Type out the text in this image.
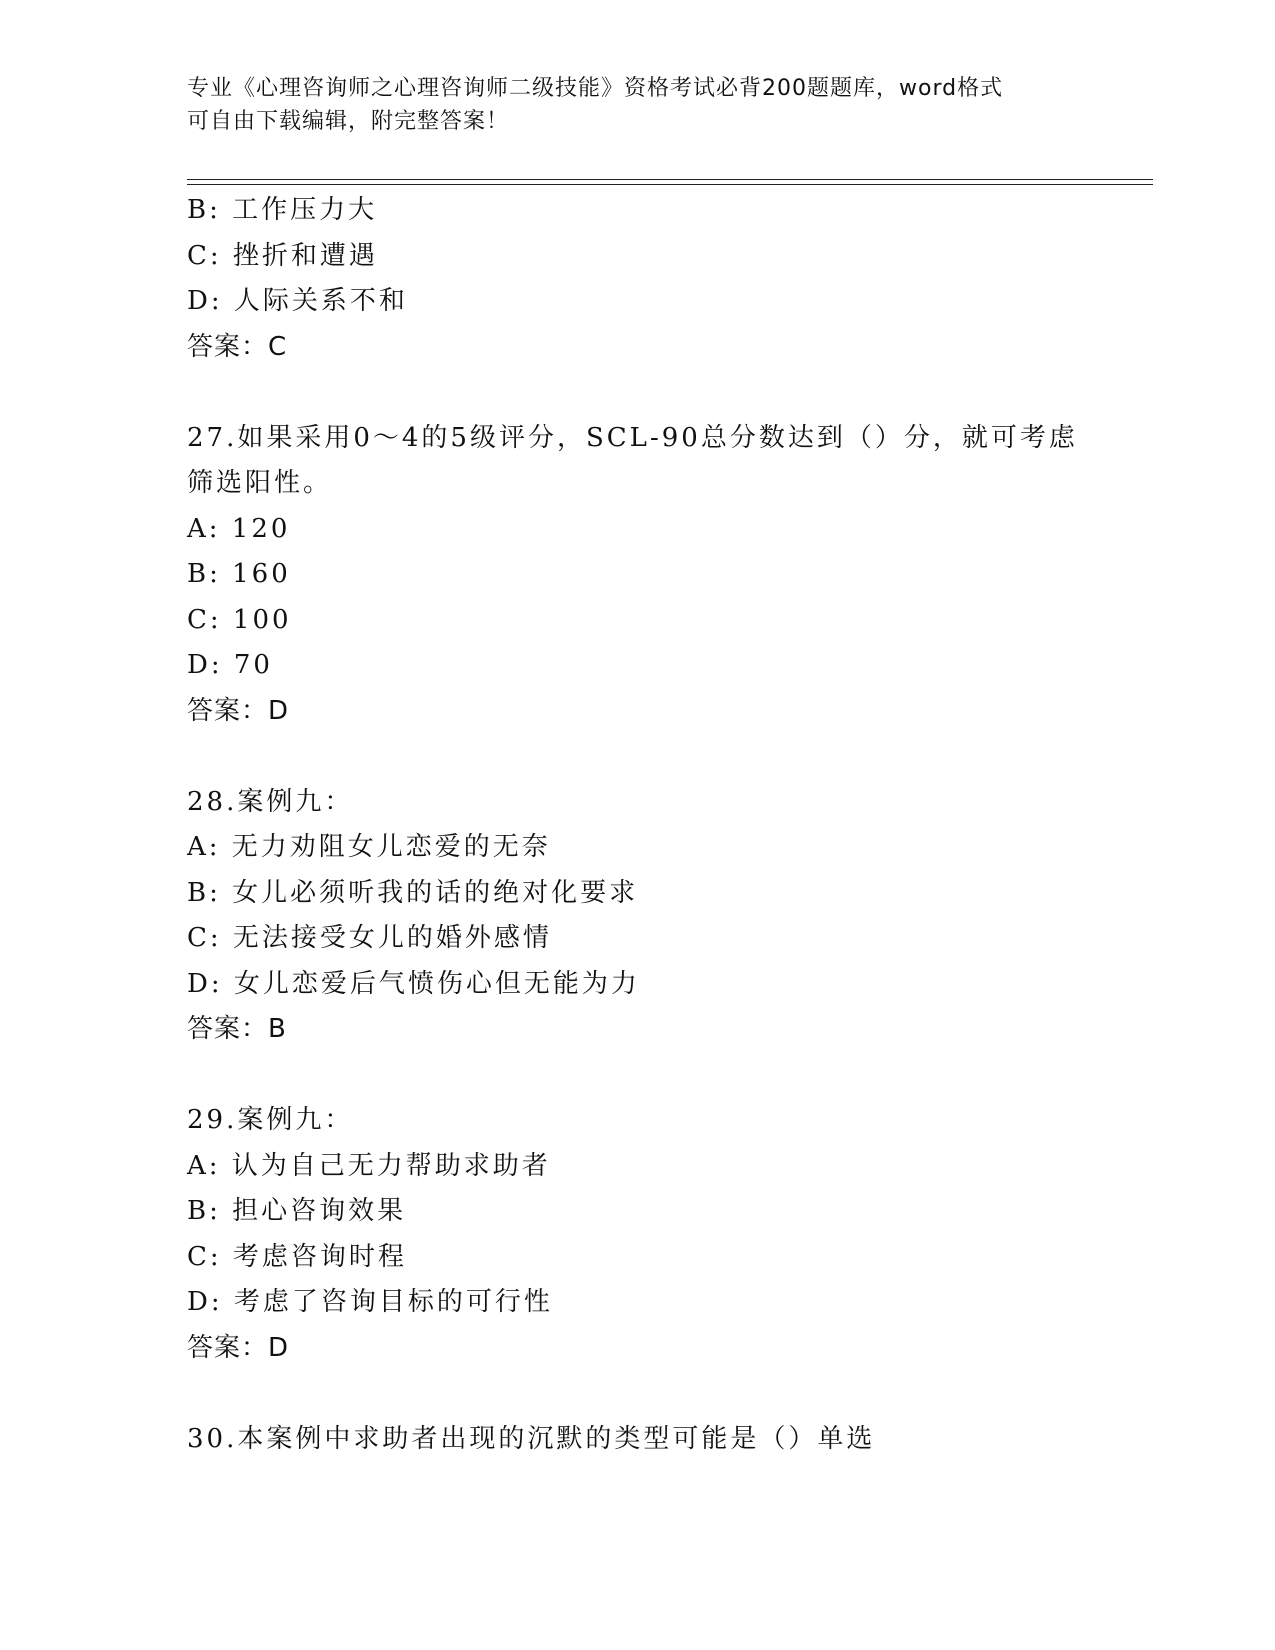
专业《心理咨询师之心理咨询师二级技能》资格考试必背200题题库，word格式
可自由下载编辑，附完整答案！
B: 工作压力大
C: 挫折和遭遇
D: 人际关系不和
答案：C
27.如果采用0～4的5级评分，SCL-90总分数达到（）分，就可考虑
筛选阳性。
A: 120
B: 160
C: 100
D: 70
答案：D
28.案例九：
A: 无力劝阻女儿恋爱的无奈
B: 女儿必须听我的话的绝对化要求
C: 无法接受女儿的婚外感情
D: 女儿恋爱后气愤伤心但无能为力
答案：B
29.案例九：
A: 认为自己无力帮助求助者
B: 担心咨询效果
C: 考虑咨询时程
D: 考虑了咨询目标的可行性
答案：D
30.本案例中求助者出现的沉默的类型可能是（）单选
